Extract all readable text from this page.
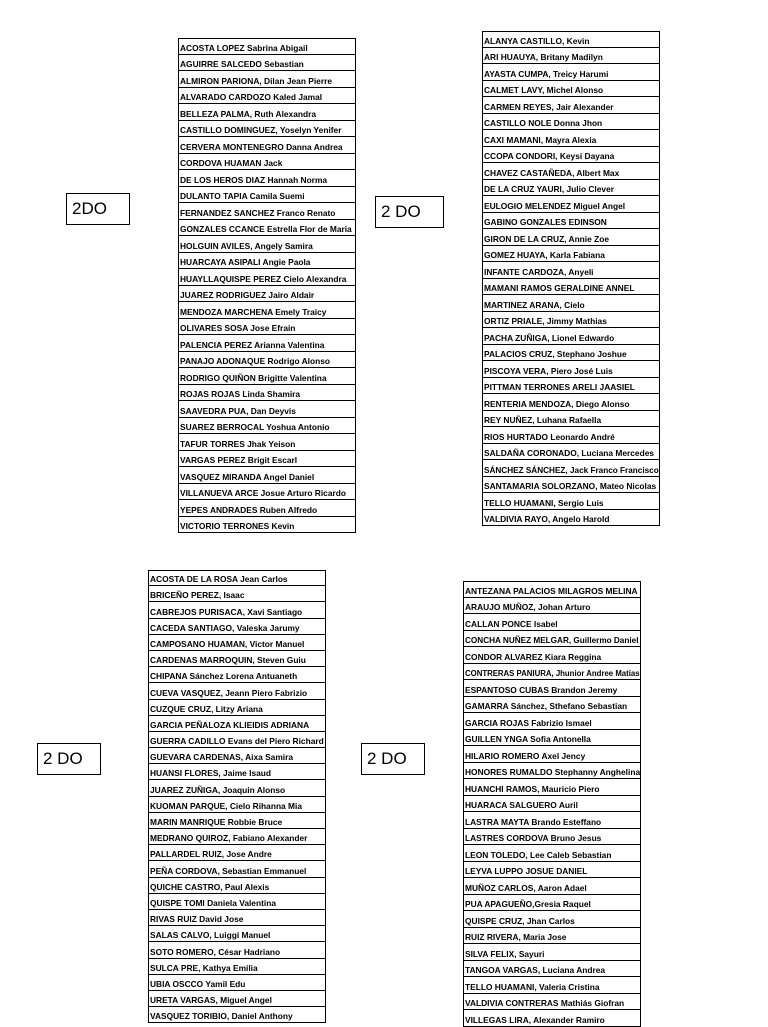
2DO	2 DO
2 DO	2 DO
ACOSTA LOPEZ Sabrina Abigail
AGUIRRE SALCEDO Sebastian
ALMIRON PARIONA, Dilan Jean Pierre
ALVARADO CARDOZO Kaled Jamal
BELLEZA PALMA, Ruth Alexandra
CASTILLO DOMINGUEZ, Yoselyn Yenifer
CERVERA MONTENEGRO Danna Andrea
CORDOVA HUAMAN Jack
DE LOS HEROS DIAZ Hannah Norma
DULANTO TAPIA Camila Suemi
FERNANDEZ SANCHEZ Franco Renato
GONZALES CCANCE Estrella Flor de Maria
HOLGUIN AVILES, Angely Samira
HUARCAYA ASIPALI Angie Paola
HUAYLLAQUISPE PEREZ Cielo Alexandra
JUAREZ RODRIGUEZ Jairo Aldair
MENDOZA MARCHENA Emely Traicy
OLIVARES SOSA Jose Efrain
PALENCIA PEREZ Arianna Valentina
PANAJO ADONAQUE Rodrigo Alonso
RODRIGO QUIÑON Brigitte Valentina
ROJAS ROJAS Linda Shamira
SAAVEDRA PUA, Dan Deyvis
SUAREZ BERROCAL Yoshua Antonio
TAFUR TORRES Jhak Yeison
VARGAS PEREZ Brigit Escarl
VASQUEZ MIRANDA Angel Daniel
VILLANUEVA ARCE Josue Arturo Ricardo
YEPES ANDRADES Ruben Alfredo
VICTORIO TERRONES Kevin
ALANYA CASTILLO, Kevin
ARI HUAUYA, Britany Madilyn
AYASTA CUMPA, Treicy Harumi
CALMET LAVY, Michel Alonso
CARMEN REYES, Jair Alexander
CASTILLO NOLE Donna Jhon
CAXI MAMANI, Mayra Alexia
CCOPA CONDORI, Keysi Dayana
CHAVEZ CASTAÑEDA, Albert Max
DE LA CRUZ YAURI, Julio Clever
EULOGIO MELENDEZ Miguel Angel
GABINO GONZALES EDINSON
GIRON DE LA CRUZ, Annie Zoe
GOMEZ HUAYA, Karla Fabiana
INFANTE CARDOZA, Anyeli
MAMANI RAMOS GERALDINE ANNEL
MARTINEZ ARANA, Cielo
ORTIZ PRIALE, Jimmy Mathias
PACHA ZUÑIGA, Lionel Edwardo
PALACIOS CRUZ, Stephano Joshue
PISCOYA VERA, Piero José Luis
PITTMAN TERRONES ARELI JAASIEL
RENTERIA MENDOZA, Diego Alonso
REY NUÑEZ, Luhana Rafaella
RIOS HURTADO Leonardo André
SALDAÑA CORONADO, Luciana Mercedes
SÁNCHEZ SÁNCHEZ, Jack Franco Francisco
SANTAMARIA SOLORZANO, Mateo Nicolas
TELLO HUAMANI, Sergio Luis
VALDIVIA RAYO, Angelo Harold
ACOSTA DE LA ROSA Jean Carlos
BRICEÑO PEREZ, Isaac
CABREJOS PURISACA, Xavi Santiago
CACEDA SANTIAGO, Valeska Jarumy
CAMPOSANO HUAMAN, Victor Manuel
CARDENAS MARROQUIN, Steven Guiu
CHIPANA Sánchez Lorena Antuaneth
CUEVA VASQUEZ, Jeann Piero Fabrizio
CUZQUE CRUZ, Litzy Ariana
GARCIA PEÑALOZA KLIEIDIS ADRIANA
GUERRA CADILLO Evans del Piero Richard
GUEVARA CARDENAS, Aixa Samira
HUANSI FLORES, Jaime Isaud
JUAREZ ZUÑIGA, Joaquin Alonso
KUOMAN PARQUE, Cielo Rihanna Mia
MARIN MANRIQUE Robbie Bruce
MEDRANO QUIROZ, Fabiano Alexander
PALLARDEL RUIZ, Jose Andre
PEÑA CORDOVA, Sebastian Emmanuel
QUICHE CASTRO, Paul Alexis
QUISPE TOMI Daniela Valentina
RIVAS RUIZ David Jose
SALAS CALVO, Luiggi Manuel
SOTO ROMERO, César Hadriano
SULCA PRE, Kathya Emilia
UBIA OSCCO Yamil Edu
URETA VARGAS, Miguel Angel
VASQUEZ TORIBIO, Daniel Anthony
ANTEZANA PALACIOS MILAGROS MELINA
ARAUJO MUÑOZ, Johan Arturo
CALLAN PONCE Isabel
CONCHA NUÑEZ MELGAR, Guillermo Daniel
CONDOR ALVAREZ Kiara Reggina
CONTRERAS PANIURA, Jhunior Andree Matias
ESPANTOSO CUBAS Brandon Jeremy
GAMARRA Sánchez, Sthefano Sebastian
GARCIA ROJAS Fabrizio Ismael
GUILLEN YNGA Sofia Antonella
HILARIO ROMERO Axel Jency
HONORES RUMALDO Stephanny Anghelina
HUANCHI RAMOS, Mauricio Piero
HUARACA SALGUERO Auril
LASTRA MAYTA Brando Esteffano
LASTRES CORDOVA Bruno Jesus
LEON TOLEDO, Lee Caleb Sebastian
LEYVA LUPPO JOSUE DANIEL
MUÑOZ CARLOS, Aaron Adael
PUA APAGUEÑO,Gresia Raquel
QUISPE CRUZ, Jhan Carlos
RUIZ RIVERA, Maria Jose
SILVA FELIX, Sayuri
TANGOA VARGAS, Luciana Andrea
TELLO HUAMANI, Valeria Cristina
VALDIVIA CONTRERAS Mathiás Giofran
VILLEGAS LIRA, Alexander Ramiro
